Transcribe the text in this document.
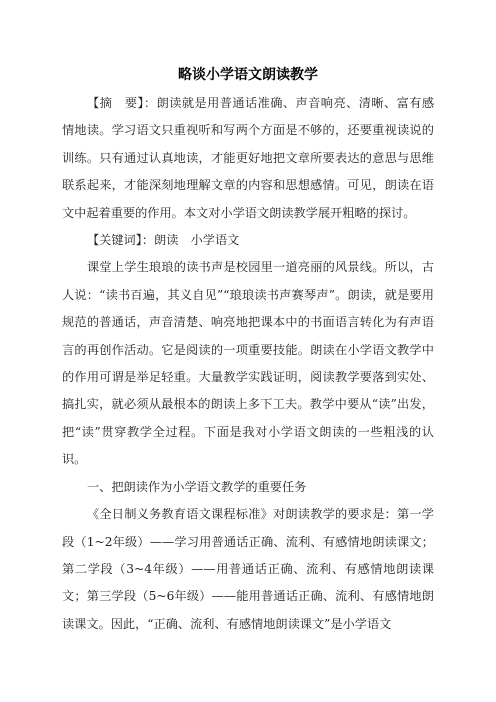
略谈小学语文朗读教学

【摘　要】：朗读就是用普通话准确、声音响亮、清晰、富有感情地读。学习语文只重视听和写两个方面是不够的，还要重视读说的训练。只有通过认真地读，才能更好地把文章所要表达的意思与思维联系起来，才能深刻地理解文章的内容和思想感情。可见，朗读在语文中起着重要的作用。本文对小学语文朗读教学展开粗略的探讨。

【关键词】：朗读　小学语文

课堂上学生琅琅的读书声是校园里一道亮丽的风景线。所以，古人说：“读书百遍，其义自见”“琅琅读书声赛琴声”。朗读，就是要用规范的普通话，声音清楚、响亮地把课本中的书面语言转化为有声语言的再创作活动。它是阅读的一项重要技能。朗读在小学语文教学中的作用可谓是举足轻重。大量教学实践证明，阅读教学要落到实处、搞扎实，就必须从最根本的朗读上多下工夫。教学中要从“读”出发，把“读”贯穿教学全过程。下面是我对小学语文朗读的一些粗浅的认识。

一、把朗读作为小学语文教学的重要任务

《全日制义务教育语文课程标准》对朗读教学的要求是：第一学段（1~2年级）——学习用普通话正确、流利、有感情地朗读课文；第二学段（3~4年级）——用普通话正确、流利、有感情地朗读课文；第三学段（5~6年级）——能用普通话正确、流利、有感情地朗读课文。因此，“正确、流利、有感情地朗读课文”是小学语文
